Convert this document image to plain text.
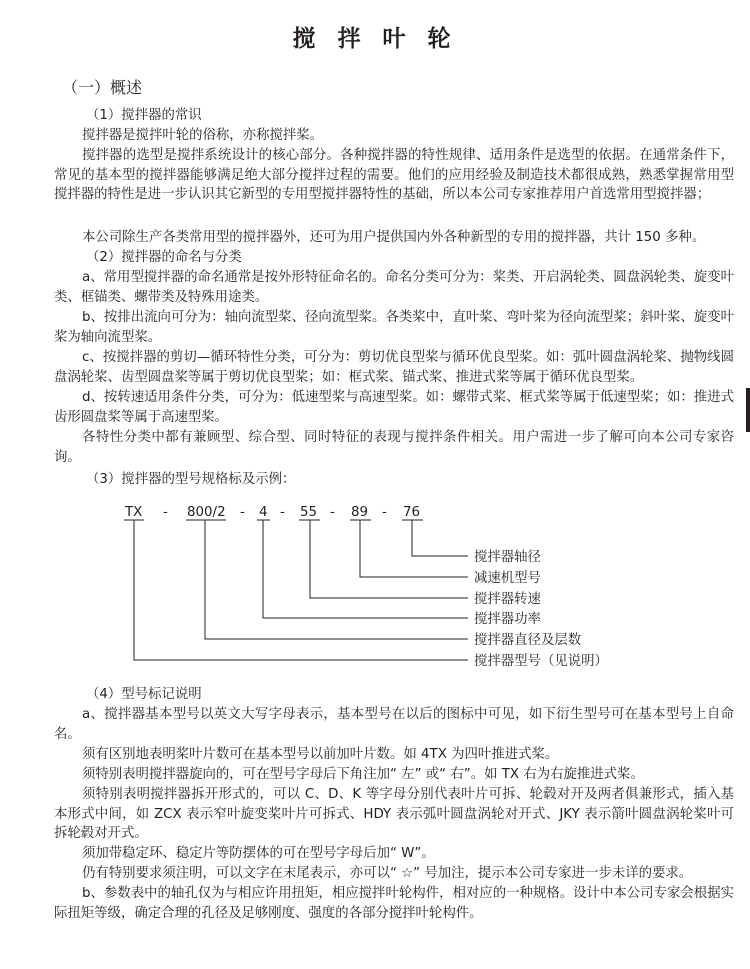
搅 拌 叶 轮
（一）概述

（1）搅拌器的常识

搅拌器是搅拌叶轮的俗称，亦称搅拌桨。

搅拌器的选型是搅拌系统设计的核心部分。各种搅拌器的特性规律、适用条件是选型的依据。在通常条件下，常见的基本型的搅拌器能够满足绝大部分搅拌过程的需要。他们的应用经验及制造技术都很成熟，熟悉掌握常用型搅拌器的特性是进一步认识其它新型的专用型搅拌器特性的基础，所以本公司专家推荐用户首选常用型搅拌器；

本公司除生产各类常用型的搅拌器外，还可为用户提供国内外各种新型的专用的搅拌器，共计 150 多种。

（2）搅拌器的命名与分类

a、常用型搅拌器的命名通常是按外形特征命名的。命名分类可分为：桨类、开启涡轮类、圆盘涡轮类、旋变叶类、框锚类、螺带类及特殊用途类。

b、按排出流向可分为：轴向流型桨、径向流型桨。各类桨中，直叶桨、弯叶桨为径向流型桨；斜叶桨、旋变叶桨为轴向流型桨。

c、按搅拌器的剪切—循环特性分类，可分为：剪切优良型桨与循环优良型桨。如：弧叶圆盘涡轮桨、抛物线圆盘涡轮桨、齿型圆盘桨等属于剪切优良型桨；如：框式桨、锚式桨、推进式桨等属于循环优良型桨。

d、按转速适用条件分类，可分为：低速型桨与高速型桨。如：螺带式桨、框式桨等属于低速型桨；如：推进式齿形圆盘桨等属于高速型桨。

各特性分类中都有兼顾型、综合型、同时特征的表现与搅拌条件相关。用户需进一步了解可向本公司专家咨询。

（3）搅拌器的型号规格标及示例：

TX - 800/2 - 4 - 55 - 89 - 76
搅拌器轴径
减速机型号
搅拌器转速
搅拌器功率
搅拌器直径及层数
搅拌器型号（见说明）

（4）型号标记说明

a、搅拌器基本型号以英文大写字母表示，基本型号在以后的图标中可见，如下衍生型号可在基本型号上自命名。

须有区别地表明桨叶片数可在基本型号以前加叶片数。如 4TX 为四叶推进式桨。

须特别表明搅拌器旋向的，可在型号字母后下角注加“ 左” 或“ 右”。如 TX 右为右旋推进式桨。

须特别表明搅拌器拆开形式的，可以 C、D、K 等字母分别代表叶片可拆、轮毂对开及两者俱兼形式，插入基本形式中间，如 ZCX 表示窄叶旋变桨叶片可拆式、HDY 表示弧叶圆盘涡轮对开式、JKY 表示箭叶圆盘涡轮桨叶可拆轮毂对开式。

须加带稳定环、稳定片等防摆体的可在型号字母后加“ W”。

仍有特别要求须注明，可以文字在末尾表示，亦可以“ ☆” 号加注，提示本公司专家进一步未详的要求。

b、参数表中的轴孔仅为与相应许用扭矩，相应搅拌叶轮构件，相对应的一种规格。设计中本公司专家会根据实际扭矩等级，确定合理的孔径及足够刚度、强度的各部分搅拌叶轮构件。
